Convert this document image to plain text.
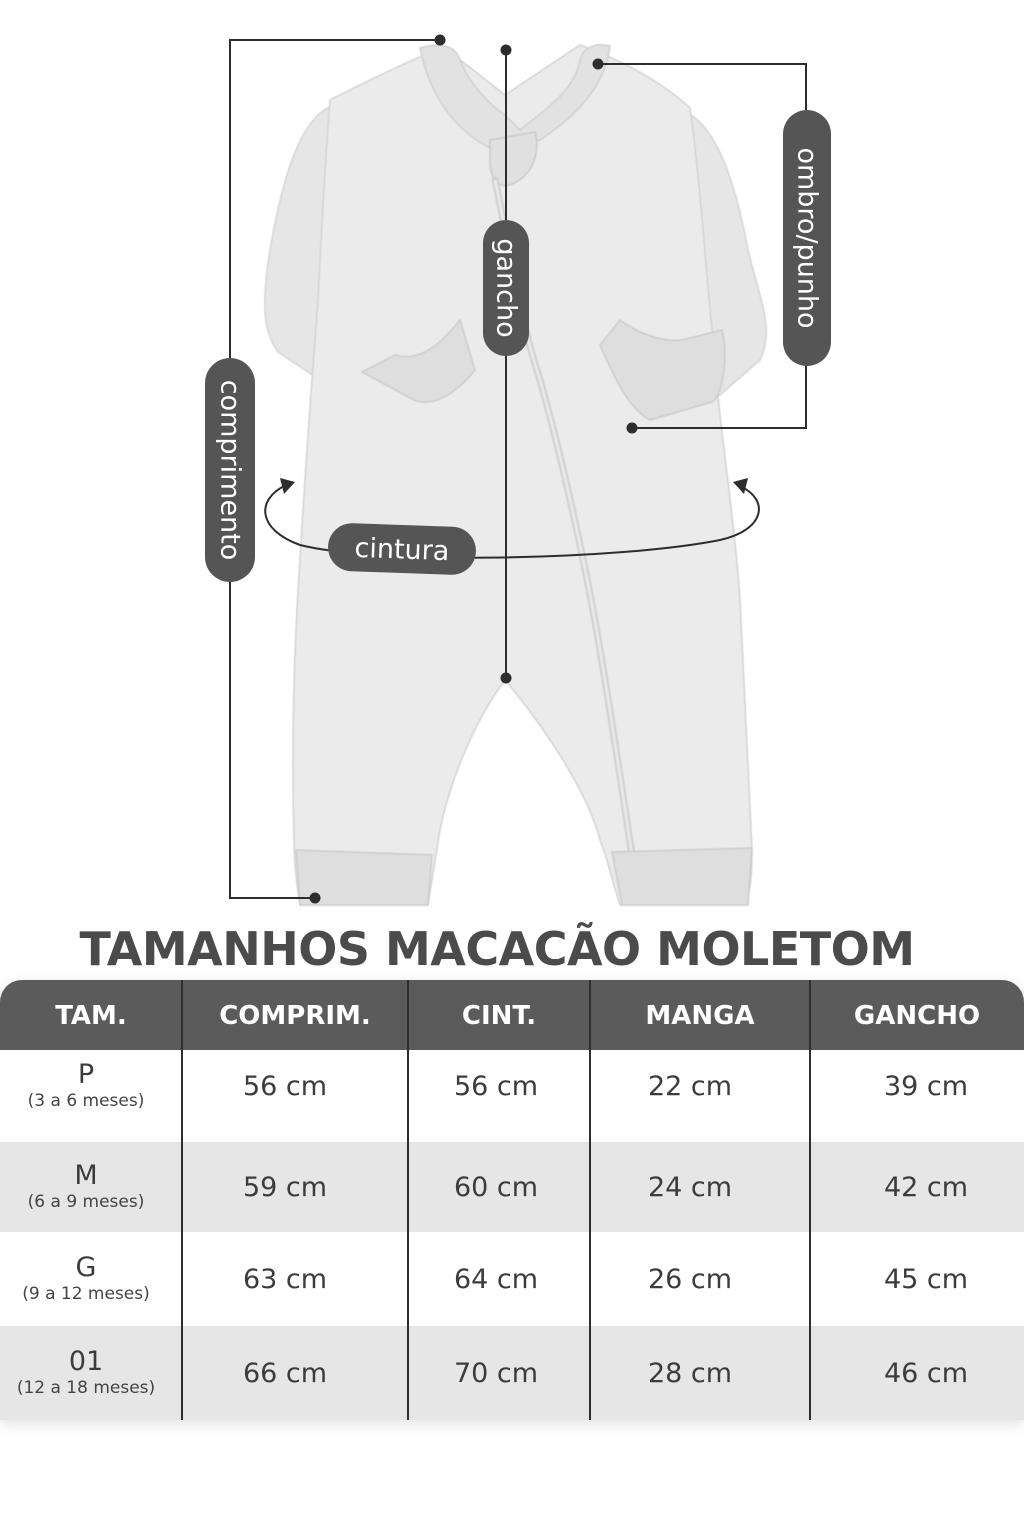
comprimento
gancho	ombro/punho
cintura
TAMANHOS MACACÃO MOLETOM
TAM.	COMPRIM.	CINT.	MANGA	GANCHO
P
(3 a 6 meses)	56 cm	56 cm	22 cm	39 cm
M
(6 a 9 meses)	59 cm	60 cm	24 cm	42 cm
G
(9 a 12 meses)	63 cm	64 cm	26 cm	45 cm
01
(12 a 18 meses)	66 cm	70 cm	28 cm	46 cm
